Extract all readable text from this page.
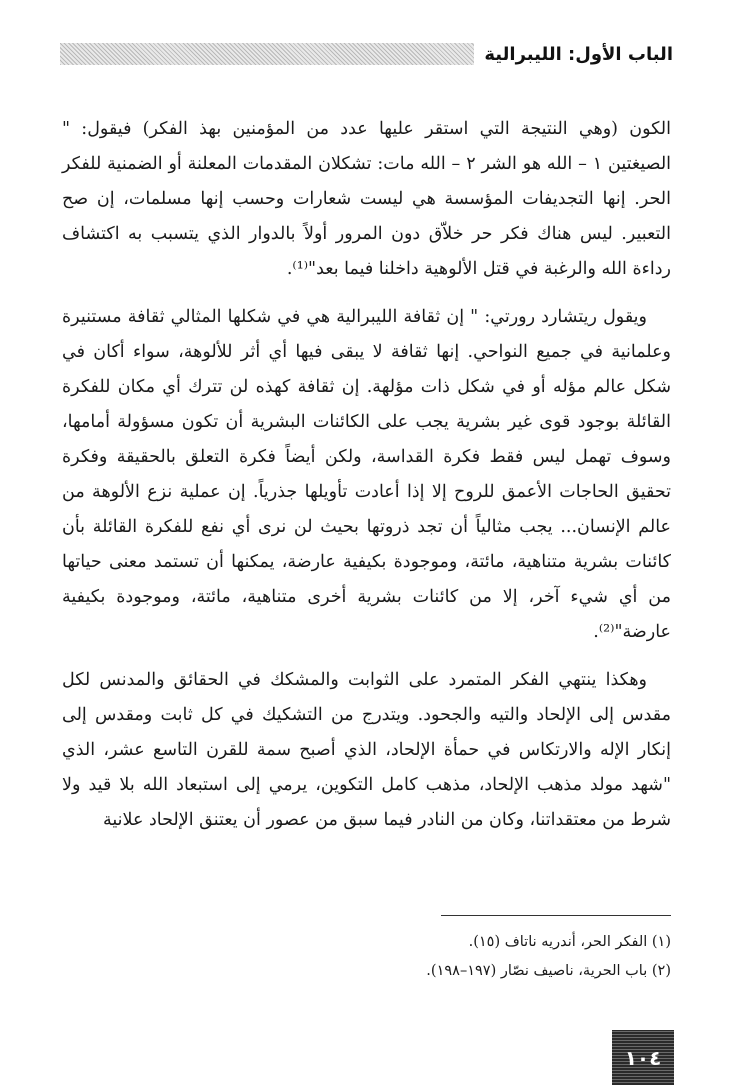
الباب الأول: الليبرالية

الكون (وهي النتيجة التي استقر عليها عدد من المؤمنين بهذ الفكر) فيقول: " الصيغتين ١ – الله هو الشر ٢ – الله مات: تشكلان المقدمات المعلنة أو الضمنية للفكر الحر. إنها التجديفات المؤسسة هي ليست شعارات وحسب إنها مسلمات، إن صح التعبير. ليس هناك فكر حر خلاّق دون المرور أولاً بالدوار الذي يتسبب به اكتشاف رداءة الله والرغبة في قتل الألوهية داخلنا فيما بعد"⁽¹⁾.

ويقول ريتشارد رورتي: " إن ثقافة الليبرالية هي في شكلها المثالي ثقافة مستنيرة وعلمانية في جميع النواحي. إنها ثقافة لا يبقى فيها أي أثر للألوهة، سواء أكان في شكل عالم مؤله أو في شكل ذات مؤلهة. إن ثقافة كهذه لن تترك أي مكان للفكرة القائلة بوجود قوى غير بشرية يجب على الكائنات البشرية أن تكون مسؤولة أمامها، وسوف تهمل ليس فقط فكرة القداسة، ولكن أيضاً فكرة التعلق بالحقيقة وفكرة تحقيق الحاجات الأعمق للروح إلا إذا أعادت تأويلها جذرياً. إن عملية نزع الألوهة من عالم الإنسان... يجب مثالياً أن تجد ذروتها بحيث لن نرى أي نفع للفكرة القائلة بأن كائنات بشرية متناهية، مائتة، وموجودة بكيفية عارضة، يمكنها أن تستمد معنى حياتها من أي شيء آخر، إلا من كائنات بشرية أخرى متناهية، مائتة، وموجودة بكيفية عارضة"⁽²⁾.

وهكذا ينتهي الفكر المتمرد على الثوابت والمشكك في الحقائق والمدنس لكل مقدس إلى الإلحاد والتيه والجحود. ويتدرج من التشكيك في كل ثابت ومقدس إلى إنكار الإله والارتكاس في حمأة الإلحاد، الذي أصبح سمة للقرن التاسع عشر، الذي "شهد مولد مذهب الإلحاد، مذهب كامل التكوين، يرمي إلى استبعاد الله بلا قيد ولا شرط من معتقداتنا، وكان من النادر فيما سبق من عصور أن يعتنق الإلحاد علانية

(١) الفكر الحر، أندريه ناتاف (١٥).
(٢) باب الحرية، ناصيف نصّار (١٩٧–١٩٨).
١٠٤
